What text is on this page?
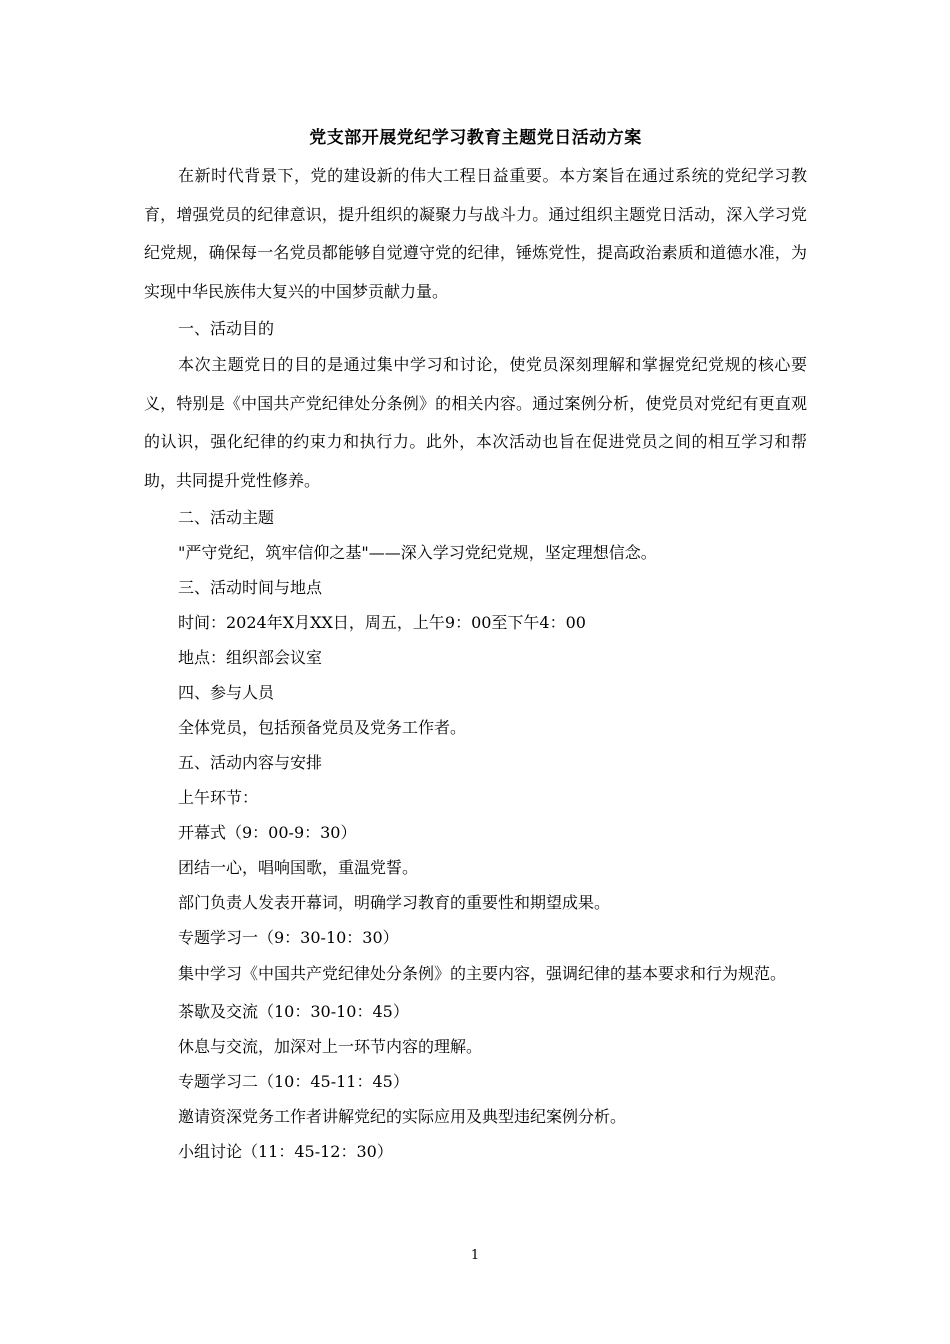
党支部开展党纪学习教育主题党日活动方案

在新时代背景下，党的建设新的伟大工程日益重要。本方案旨在通过系统的党纪学习教育，增强党员的纪律意识，提升组织的凝聚力与战斗力。通过组织主题党日活动，深入学习党纪党规，确保每一名党员都能够自觉遵守党的纪律，锤炼党性，提高政治素质和道德水准，为实现中华民族伟大复兴的中国梦贡献力量。

一、活动目的

本次主题党日的目的是通过集中学习和讨论，使党员深刻理解和掌握党纪党规的核心要义，特别是《中国共产党纪律处分条例》的相关内容。通过案例分析，使党员对党纪有更直观的认识，强化纪律的约束力和执行力。此外，本次活动也旨在促进党员之间的相互学习和帮助，共同提升党性修养。

二、活动主题

"严守党纪，筑牢信仰之基"——深入学习党纪党规，坚定理想信念。

三、活动时间与地点

时间：2024年X月XX日，周五，上午9：00至下午4：00

地点：组织部会议室

四、参与人员

全体党员，包括预备党员及党务工作者。

五、活动内容与安排

上午环节：

开幕式（9：00-9：30）

团结一心，唱响国歌，重温党誓。

部门负责人发表开幕词，明确学习教育的重要性和期望成果。

专题学习一（9：30-10：30）

集中学习《中国共产党纪律处分条例》的主要内容，强调纪律的基本要求和行为规范。

茶歇及交流（10：30-10：45）

休息与交流，加深对上一环节内容的理解。

专题学习二（10：45-11：45）

邀请资深党务工作者讲解党纪的实际应用及典型违纪案例分析。

小组讨论（11：45-12：30）

1
